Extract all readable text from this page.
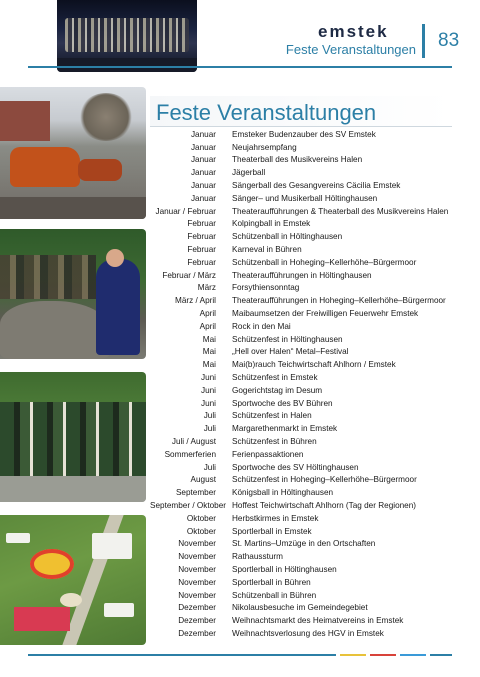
emstek
Feste Veranstaltungen 83
Feste Veranstaltungen
Januar	Emsteker Budenzauber des SV Emstek
Januar	Neujahrsempfang
Januar	Theaterball des Musikvereins Halen
Januar	Jägerball
Januar	Sängerball des Gesangvereins Cäcilia Emstek
Januar	Sänger– und Musikerball Höltinghausen
Januar / Februar	Theateraufführungen & Theaterball des Musikvereins Halen
Februar	Kolpingball in Emstek
Februar	Schützenball in Höltinghausen
Februar	Karneval in Bühren
Februar	Schützenball in Hoheging–Kellerhöhe–Bürgermoor
Februar / März	Theateraufführungen in Höltinghausen
März	Forsythiensonntag
März / April	Theateraufführungen in Hoheging–Kellerhöhe–Bürgermoor
April	Maibaumsetzen der Freiwilligen Feuerwehr Emstek
April	Rock in den Mai
Mai	Schützenfest in Höltinghausen
Mai	„Hell over Halen“ Metal–Festival
Mai	Mai(b)rauch Teichwirtschaft Ahlhorn / Emstek
Juni	Schützenfest in Emstek
Juni	Gogerichtstag im Desum
Juni	Sportwoche des BV Bühren
Juli	Schützenfest in Halen
Juli	Margarethenmarkt in Emstek
Juli / August	Schützenfest in Bühren
Sommerferien	Ferienpassaktionen
Juli	Sportwoche des SV Höltinghausen
August	Schützenfest in Hoheging–Kellerhöhe–Bürgermoor
September	Königsball in Höltinghausen
September / Oktober Hoffest Teichwirtschaft Ahlhorn (Tag der Regionen)
Oktober	Herbstkirmes in Emstek
Oktober	Sportlerball in Emstek
November	St. Martins–Umzüge in den Ortschaften
November	Rathaussturm
November	Sportlerball in Höltinghausen
November	Sportlerball in Bühren
November	Schützenball in Bühren
Dezember	Nikolausbesuche im Gemeindegebiet
Dezember	Weihnachtsmarkt des Heimatvereins in Emstek
Dezember	Weihnachtsverlosung des HGV in Emstek
